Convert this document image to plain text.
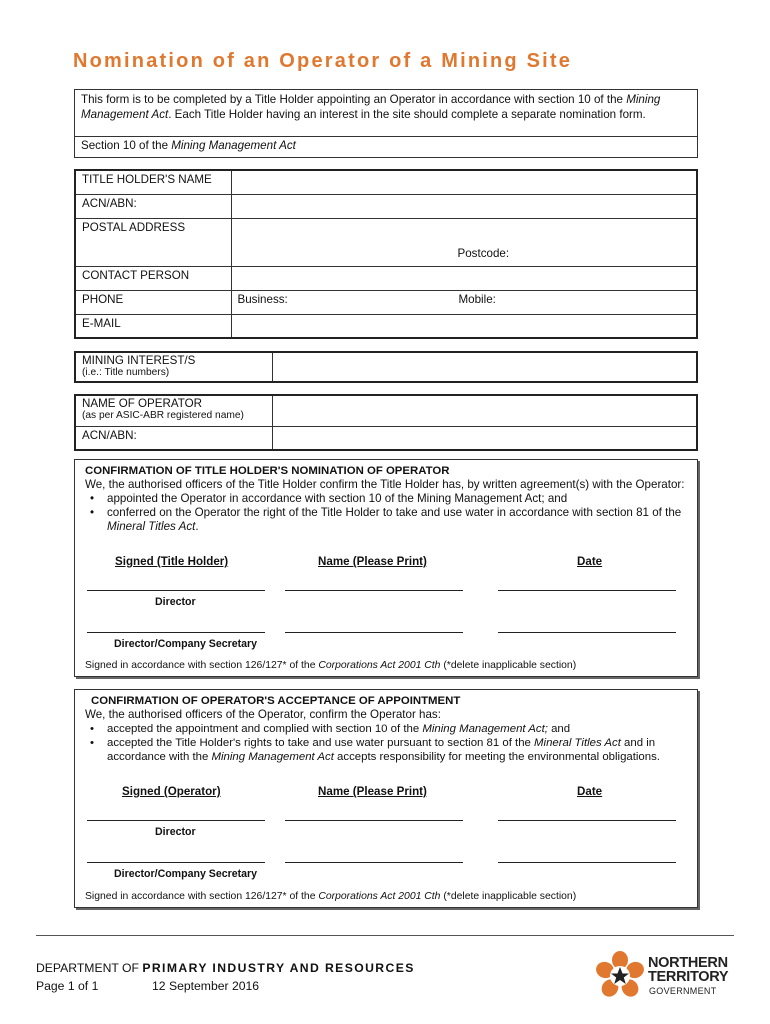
Nomination of an Operator of a Mining Site
This form is to be completed by a Title Holder appointing an Operator in accordance with section 10 of the Mining Management Act. Each Title Holder having an interest in the site should complete a separate nomination form.
Section 10 of the Mining Management Act
TITLE HOLDER'S NAME	
ACN/ABN:	
POSTAL ADDRESS	Postcode:

CONTACT PERSON	
PHONE	Business: Mobile:

E-MAIL	
MINING INTEREST/S
(i.e.: Title numbers)

NAME OF OPERATOR
(as per ASIC-ABR registered name)	

ACN/ABN:	
CONFIRMATION OF TITLE HOLDER'S NOMINATION OF OPERATOR
We, the authorised officers of the Title Holder confirm the Title Holder has, by written agreement(s) with the Operator:
• appointed the Operator in accordance with section 10 of the Mining Management Act; and
• conferred on the Operator the right of the Title Holder to take and use water in accordance with section 81 of the Mineral Titles Act.
Signed (Title Holder)	Name (Please Print)	Date
Director
Director/Company Secretary
Signed in accordance with section 126/127* of the Corporations Act 2001 Cth (*delete inapplicable section)
CONFIRMATION OF OPERATOR'S ACCEPTANCE OF APPOINTMENT
We, the authorised officers of the Operator, confirm the Operator has:
• accepted the appointment and complied with section 10 of the Mining Management Act; and
• accepted the Title Holder's rights to take and use water pursuant to section 81 of the Mineral Titles Act and in accordance with the Mining Management Act accepts responsibility for meeting the environmental obligations.
Signed (Operator)	Name (Please Print)	Date
Director
Director/Company Secretary
Signed in accordance with section 126/127* of the Corporations Act 2001 Cth (*delete inapplicable section)
DEPARTMENT OF PRIMARY INDUSTRY AND RESOURCES
Page 1 of 1	12 September 2016
NORTHERN
TERRITORY
GOVERNMENT
